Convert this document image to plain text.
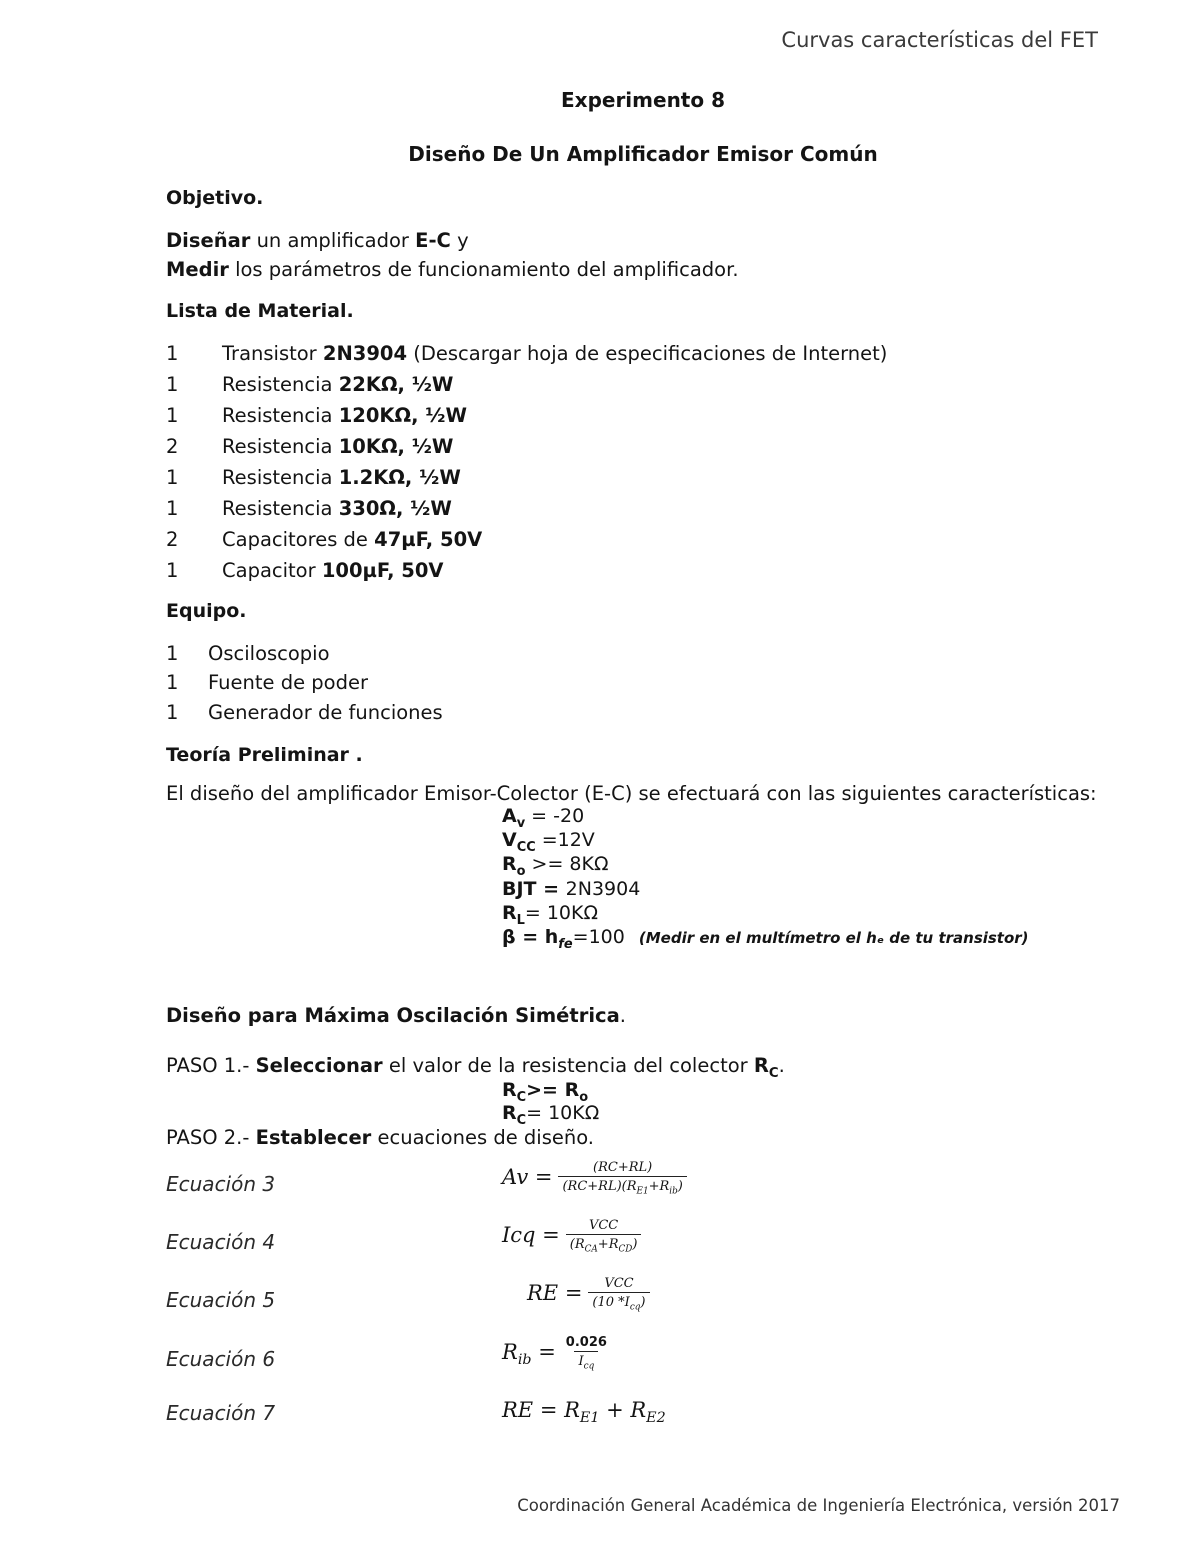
Curvas características del FET
Experimento 8
Diseño De Un Amplificador Emisor Común
Objetivo.
Diseñar un amplificador E-C y
Medir los parámetros de funcionamiento del amplificador.
Lista de Material.
1 Transistor 2N3904 (Descargar hoja de especificaciones de Internet)
1 Resistencia 22KΩ, ½W
1 Resistencia 120KΩ, ½W
2 Resistencia 10KΩ, ½W
1 Resistencia 1.2KΩ, ½W
1 Resistencia 330Ω, ½W
2 Capacitores de 47µF, 50V
1 Capacitor 100µF, 50V
Equipo.
1 Osciloscopio
1 Fuente de poder
1 Generador de funciones
Teoría Preliminar .
El diseño del amplificador Emisor-Colector (E-C) se efectuará con las siguientes características:
$A_v = -20$
$V_{CC} =12V$
$R_o >= 8K\Omega$
BJT = 2N3904
$R_L= 10K\Omega$
$\beta = h_{fe}=100$ (Medir en el multímetro el hₑ de tu transistor)
Diseño para Máxima Oscilación Simétrica.
PASO 1.- Seleccionar el valor de la resistencia del colector $R_C$.
$R_C>= R_o$
$R_C= 10K\Omega$
PASO 2.- Establecer ecuaciones de diseño.
Ecuación 3	$Av = \frac{(RC+RL)}{(RC+RL)(R_{E1}+R_{ib})}$
Ecuación 4	Icq = $\frac{\text{VCC}}{(R_{CA}+R_{CD})}$
Ecuación 5	RE = $\frac{\text{VCC}}{(10 *I_{cq})}$
Ecuación 6	$R_{ib} = \frac{0.026}{I_{cq}}$
Ecuación 7	RE = $R_{E1} + R_{E2}$
Coordinación General Académica de Ingeniería Electrónica, versión 2017
